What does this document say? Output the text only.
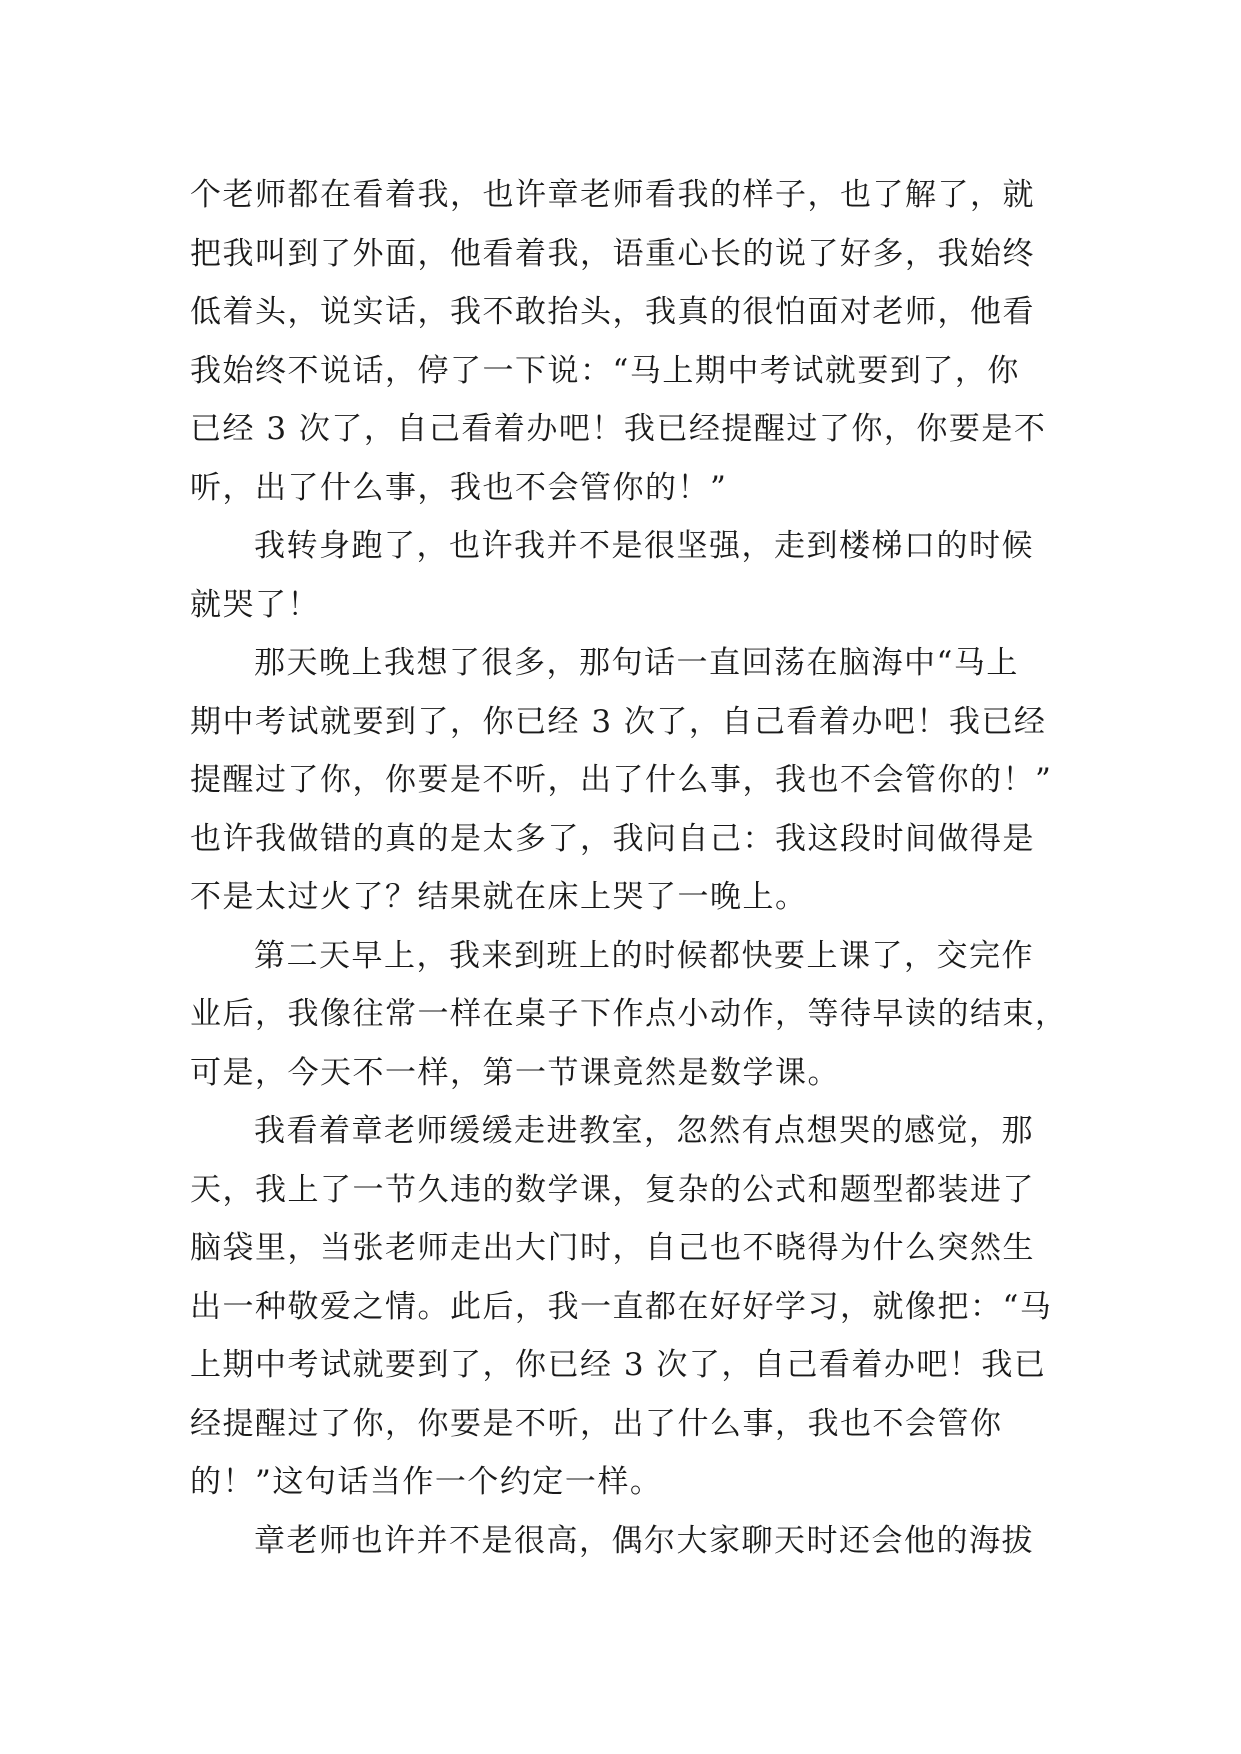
个老师都在看着我，也许章老师看我的样子，也了解了，就
把我叫到了外面，他看着我，语重心长的说了好多，我始终
低着头，说实话，我不敢抬头，我真的很怕面对老师，他看
我始终不说话，停了一下说：“马上期中考试就要到了，你
已经 3 次了，自己看着办吧！我已经提醒过了你，你要是不
听，出了什么事，我也不会管你的！”
我转身跑了，也许我并不是很坚强，走到楼梯口的时候
就哭了！
那天晚上我想了很多，那句话一直回荡在脑海中“马上
期中考试就要到了，你已经 3 次了，自己看着办吧！我已经
提醒过了你，你要是不听，出了什么事，我也不会管你的！”
也许我做错的真的是太多了，我问自己：我这段时间做得是
不是太过火了？结果就在床上哭了一晚上。
第二天早上，我来到班上的时候都快要上课了，交完作
业后，我像往常一样在桌子下作点小动作，等待早读的结束，
可是，今天不一样，第一节课竟然是数学课。
我看着章老师缓缓走进教室，忽然有点想哭的感觉，那
天，我上了一节久违的数学课，复杂的公式和题型都装进了
脑袋里，当张老师走出大门时，自己也不晓得为什么突然生
出一种敬爱之情。此后，我一直都在好好学习，就像把：“马
上期中考试就要到了，你已经 3 次了，自己看着办吧！我已
经提醒过了你，你要是不听，出了什么事，我也不会管你
的！”这句话当作一个约定一样。
章老师也许并不是很高，偶尔大家聊天时还会他的海拔
